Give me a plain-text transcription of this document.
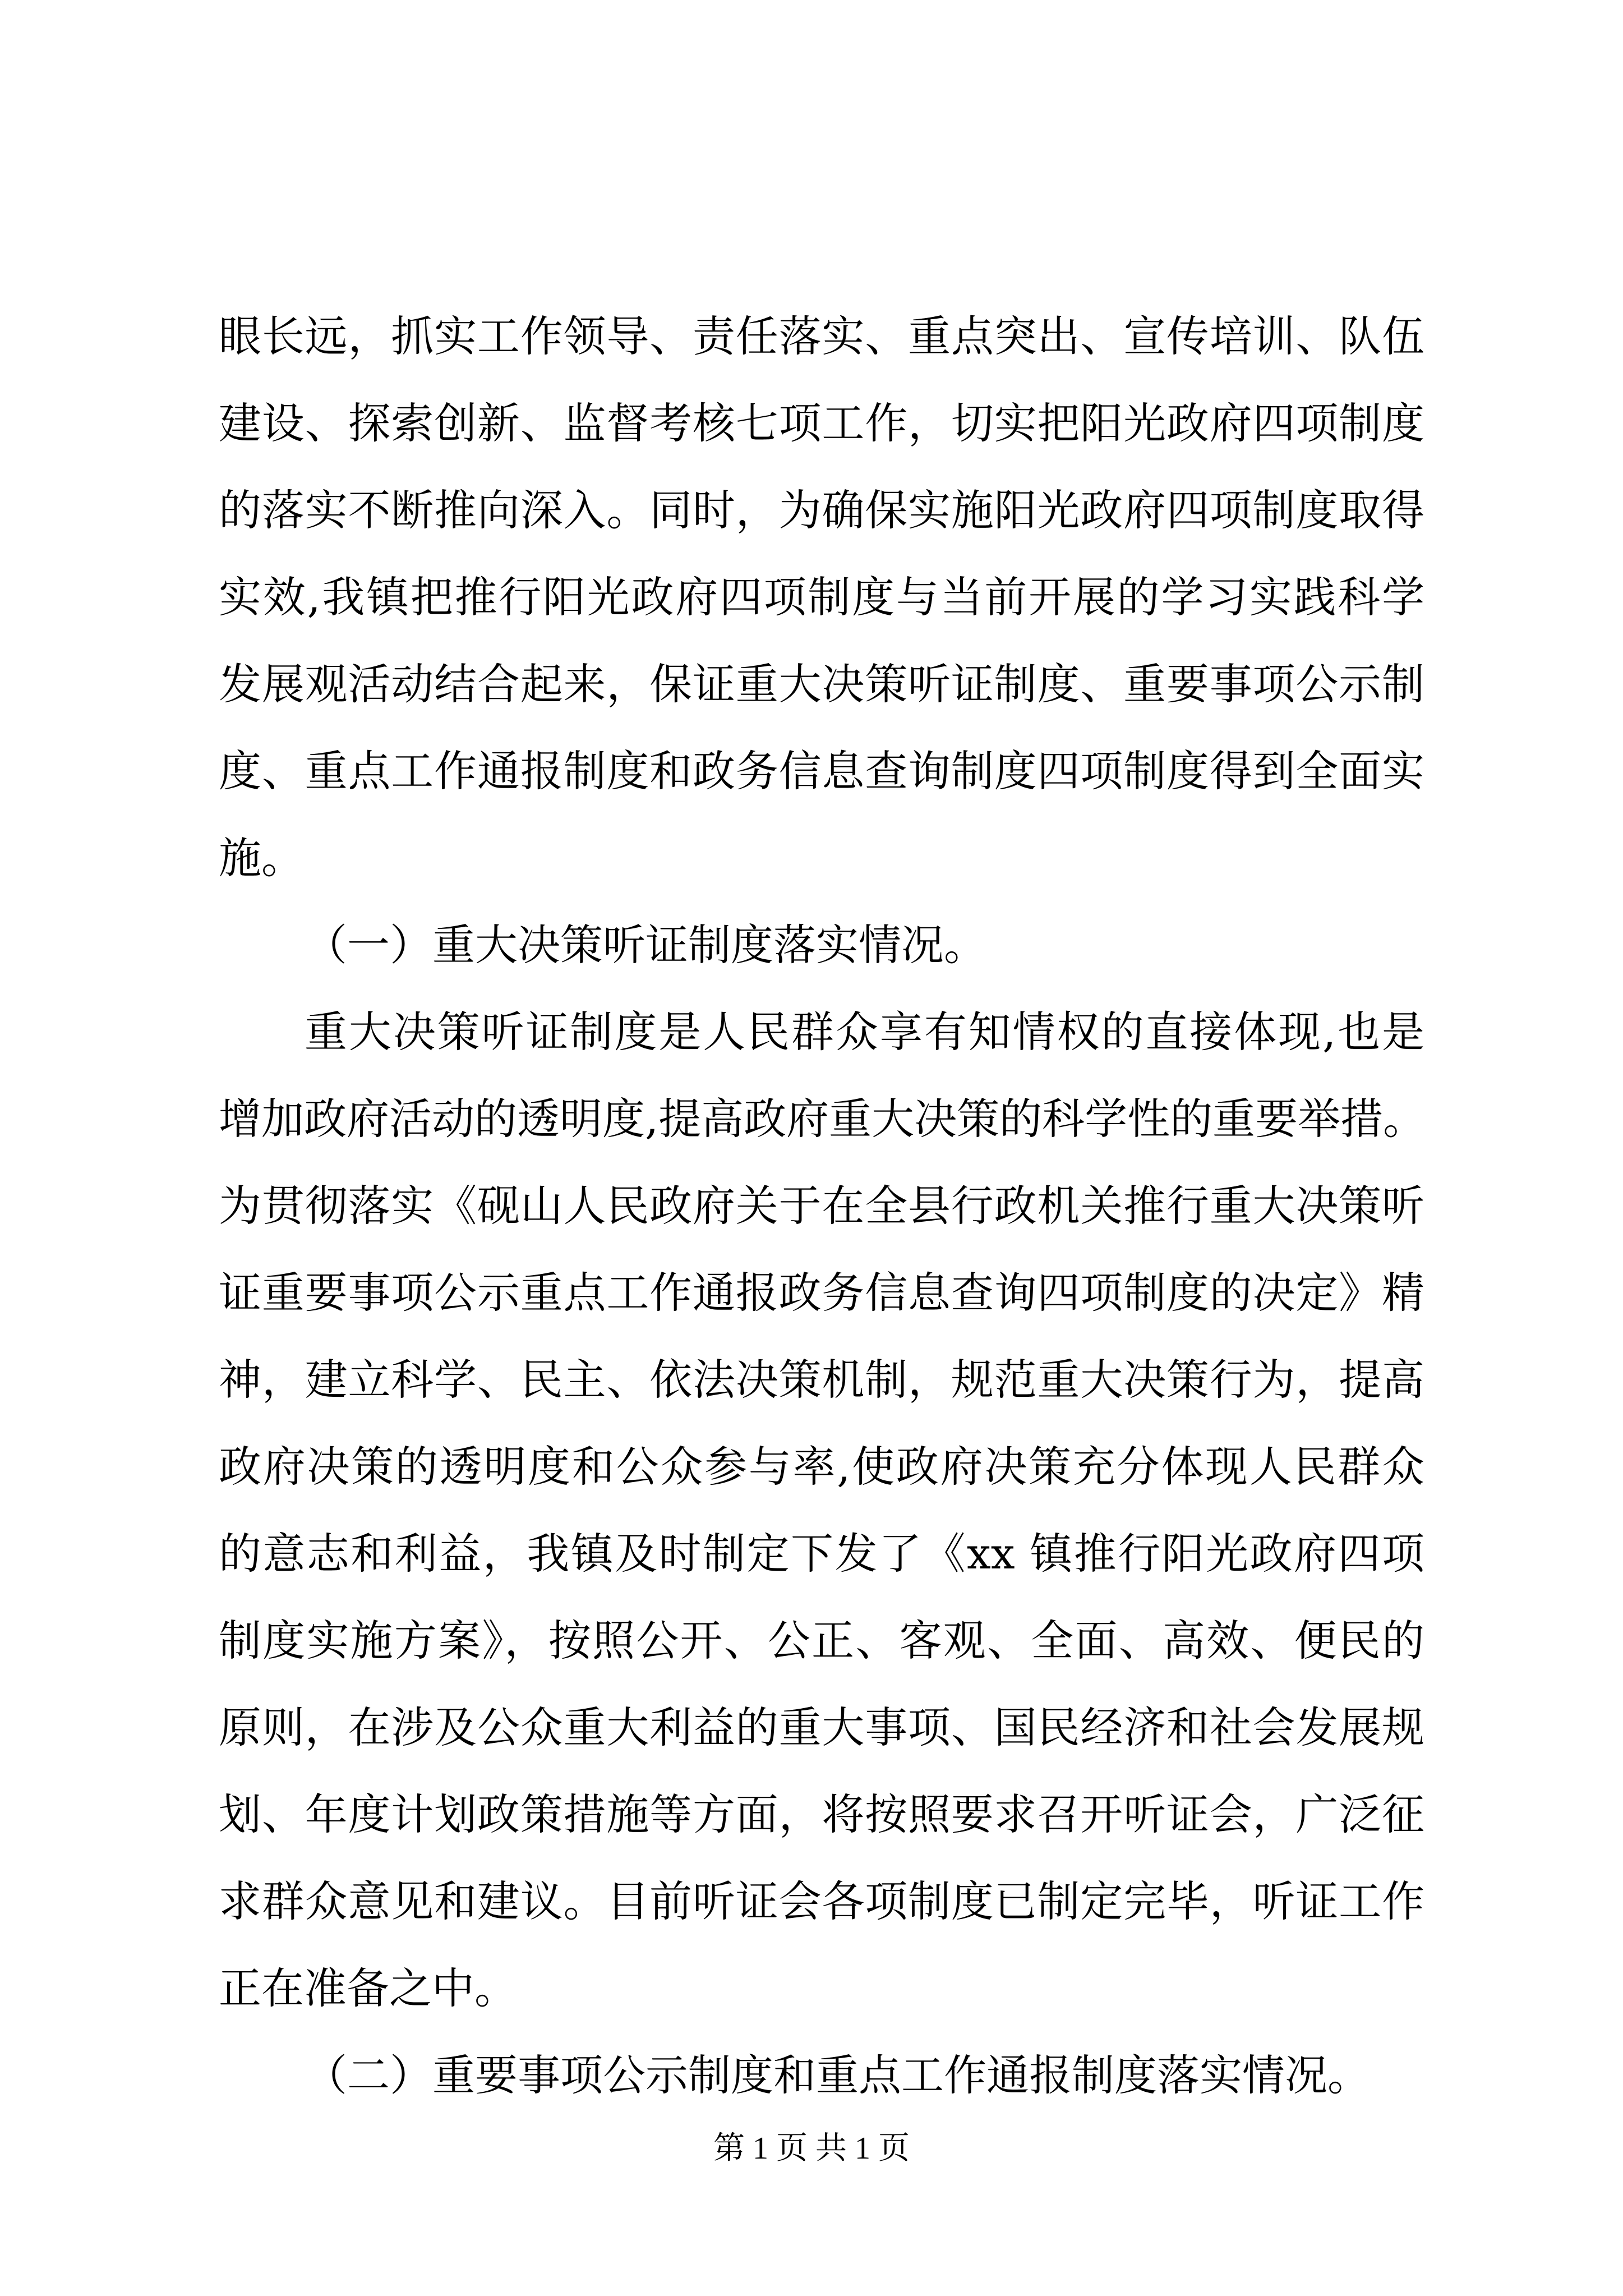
眼长远，抓实工作领导、责任落实、重点突出、宣传培训、队伍
建设、探索创新、监督考核七项工作，切实把阳光政府四项制度
的落实不断推向深入。同时，为确保实施阳光政府四项制度取得
实效,我镇把推行阳光政府四项制度与当前开展的学习实践科学
发展观活动结合起来，保证重大决策听证制度、重要事项公示制
度、重点工作通报制度和政务信息查询制度四项制度得到全面实
施。
（一）重大决策听证制度落实情况。
重大决策听证制度是人民群众享有知情权的直接体现,也是
增加政府活动的透明度,提高政府重大决策的科学性的重要举措。
为贯彻落实《砚山人民政府关于在全县行政机关推行重大决策听
证重要事项公示重点工作通报政务信息查询四项制度的决定》精
神，建立科学、民主、依法决策机制，规范重大决策行为，提高
政府决策的透明度和公众参与率,使政府决策充分体现人民群众
的意志和利益，我镇及时制定下发了《xx 镇推行阳光政府四项
制度实施方案》，按照公开、公正、客观、全面、高效、便民的
原则，在涉及公众重大利益的重大事项、国民经济和社会发展规
划、年度计划政策措施等方面，将按照要求召开听证会，广泛征
求群众意见和建议。目前听证会各项制度已制定完毕，听证工作
正在准备之中。
（二）重要事项公示制度和重点工作通报制度落实情况。
第 1 页 共 1 页
